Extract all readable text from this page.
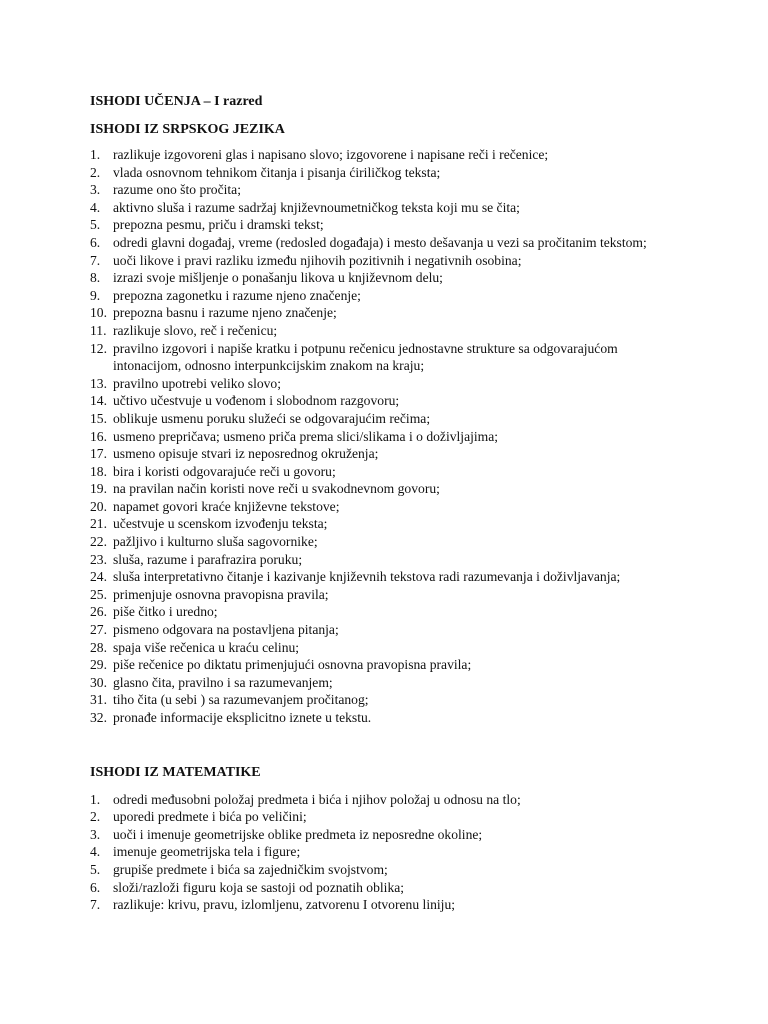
ISHODI UČENJA – I razred

ISHODI IZ SRPSKOG JEZIKA

1. razlikuje izgovoreni glas i napisano slovo; izgovorene i napisane reči i rečenice;
2. vlada osnovnom tehnikom čitanja i pisanja ćiriličkog teksta;
3. razume ono što pročita;
4. aktivno sluša i razume sadržaj književnoumetničkog teksta koji mu se čita;
5. prepozna pesmu, priču i dramski tekst;
6. odredi glavni događaj, vreme (redosled događaja) i mesto dešavanja u vezi sa pročitanim tekstom;
7. uoči likove i pravi razliku između njihovih pozitivnih i negativnih osobina;
8. izrazi svoje mišljenje o ponašanju likova u književnom delu;
9. prepozna zagonetku i razume njeno značenje;
10. prepozna basnu i razume njeno značenje;
11. razlikuje slovo, reč i rečenicu;
12. pravilno izgovori i napiše kratku i potpunu rečenicu jednostavne strukture sa odgovarajućom
intonacijom, odnosno interpunkcijskim znakom na kraju;
13. pravilno upotrebi veliko slovo;
14. učtivo učestvuje u vođenom i slobodnom razgovoru;
15. oblikuje usmenu poruku služeći se odgovarajućim rečima;
16. usmeno prepričava; usmeno priča prema slici/slikama i o doživljajima;
17. usmeno opisuje stvari iz neposrednog okruženja;
18. bira i koristi odgovarajuće reči u govoru;
19. na pravilan način koristi nove reči u svakodnevnom govoru;
20. napamet govori kraće književne tekstove;
21. učestvuje u scenskom izvođenju teksta;
22. pažljivo i kulturno sluša sagovornike;
23. sluša, razume i parafrazira poruku;
24. sluša interpretativno čitanje i kazivanje književnih tekstova radi razumevanja i doživljavanja;
25. primenjuje osnovna pravopisna pravila;
26. piše čitko i uredno;
27. pismeno odgovara na postavljena pitanja;
28. spaja više rečenica u kraću celinu;
29. piše rečenice po diktatu primenjujući osnovna pravopisna pravila;
30. glasno čita, pravilno i sa razumevanjem;
31. tiho čita (u sebi ) sa razumevanjem pročitanog;
32. pronađe informacije eksplicitno iznete u tekstu.

ISHODI IZ MATEMATIKE

1. odredi međusobni položaj predmeta i bića i njihov položaj u odnosu na tlo;
2. uporedi predmete i bića po veličini;
3. uoči i imenuje geometrijske oblike predmeta iz neposredne okoline;
4. imenuje geometrijska tela i figure;
5. grupiše predmete i bića sa zajedničkim svojstvom;
6. složi/razloži figuru koja se sastoji od poznatih oblika;
7. razlikuje: krivu, pravu, izlomljenu, zatvorenu I otvorenu liniju;
